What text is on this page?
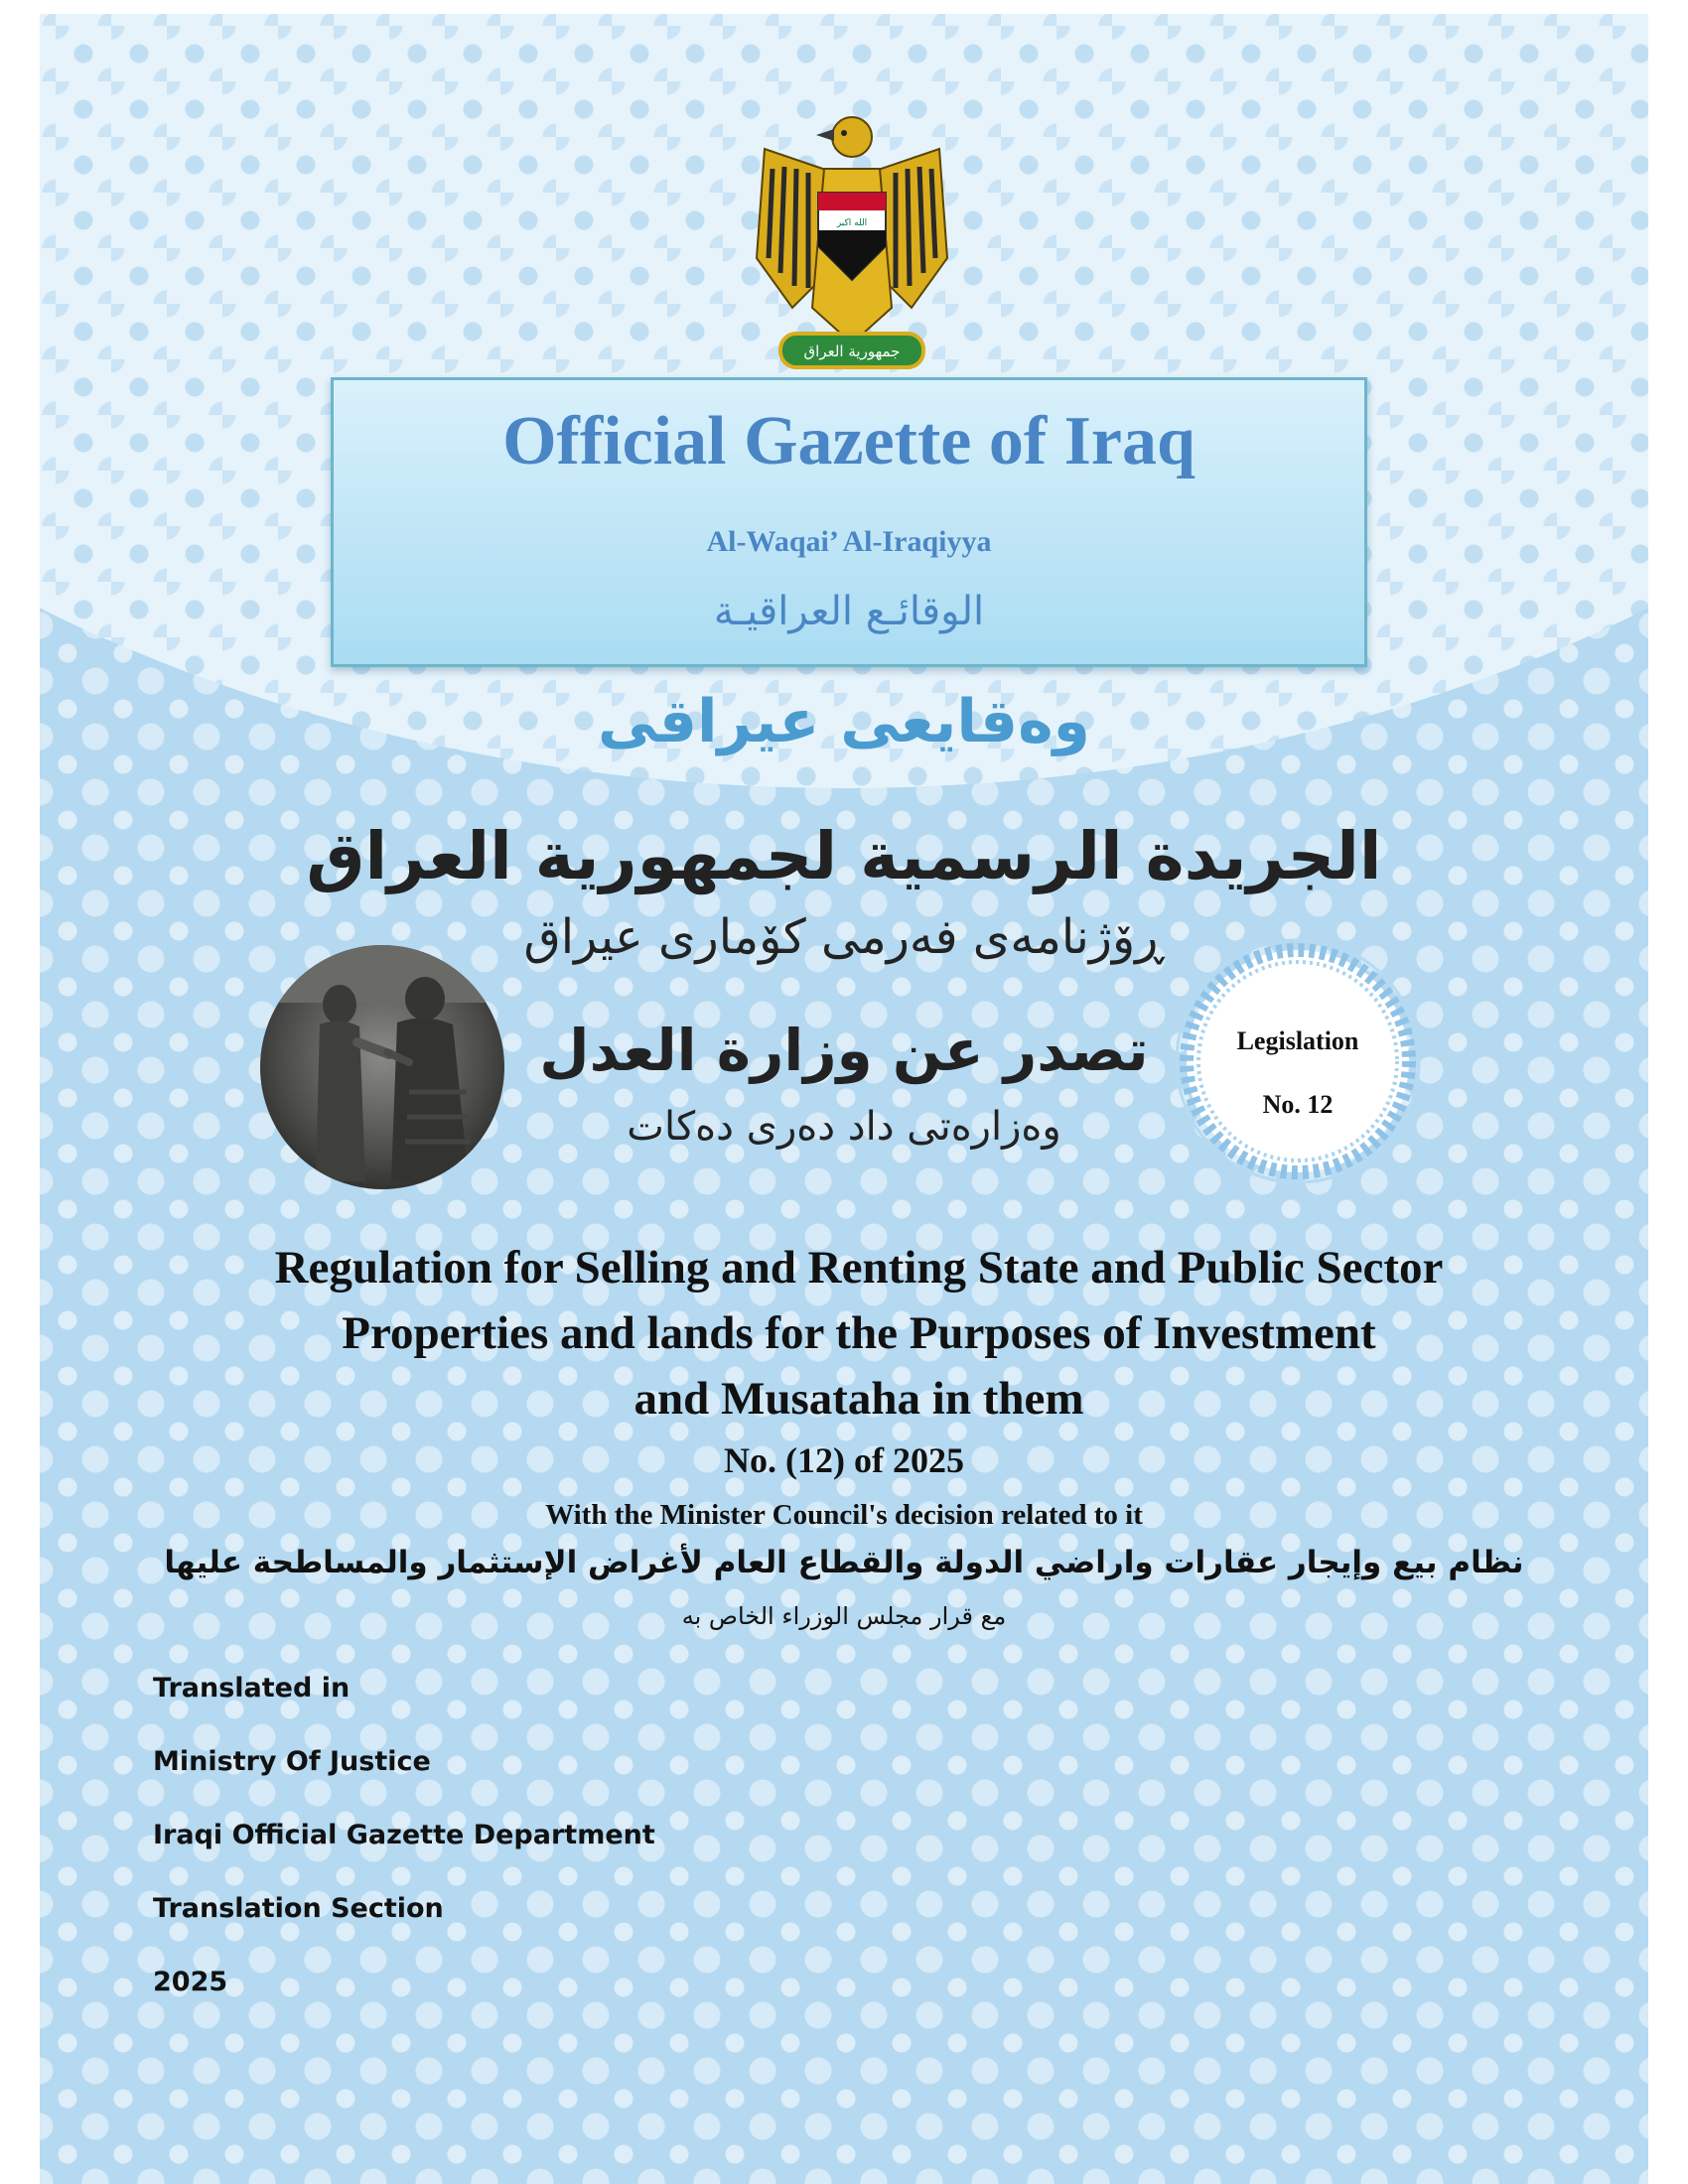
الله اكبر
جمهورية العراق
Official Gazette of Iraq
Al-Waqai’ Al-Iraqiyya
الوقائـع العراقيـة
وەقايعى عيراقى
الجريدة الرسمية لجمهورية العراق
ڕۆژنامەی فەرمی کۆماری عیراق
تصدر عن وزارة العدل
وەزارەتی داد دەری دەکات
Legislation
No. 12
Regulation for Selling and Renting State and Public Sector
Properties and lands for the Purposes of Investment
and Musataha in them
No. (12) of 2025
With the Minister Council's decision related to it
نظام بيع وإيجار عقارات واراضي الدولة والقطاع العام لأغراض الإستثمار والمساطحة عليها
مع قرار مجلس الوزراء الخاص به
Translated in
Ministry Of Justice
Iraqi Official Gazette Department
Translation Section
2025
